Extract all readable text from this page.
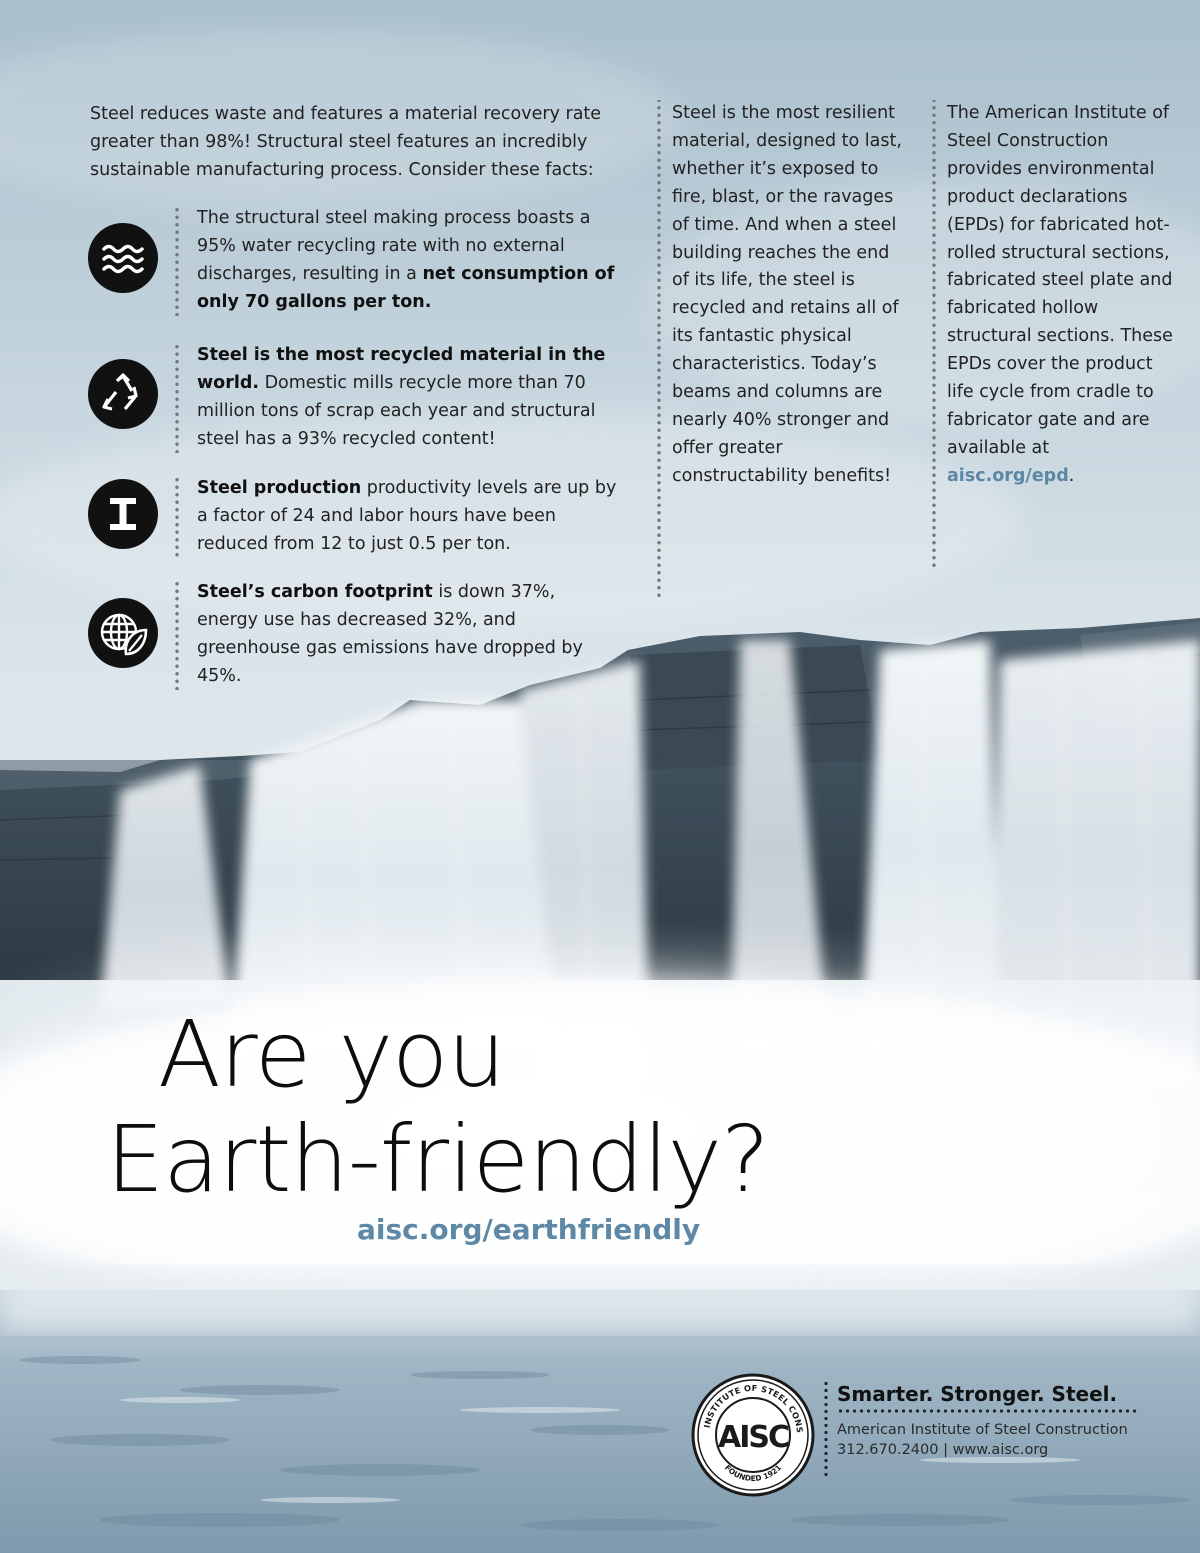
Steel reduces waste and features a material recovery rate greater than 98%! Structural steel features an incredibly sustainable manufacturing process. Consider these facts:
The structural steel making process boasts a 95% water recycling rate with no external discharges, resulting in a net consumption of only 70 gallons per ton.
Steel is the most recycled material in the world. Domestic mills recycle more than 70 million tons of scrap each year and structural steel has a 93% recycled content!
Steel production productivity levels are up by a factor of 24 and labor hours have been reduced from 12 to just 0.5 per ton.
Steel’s carbon footprint is down 37%, energy use has decreased 32%, and greenhouse gas emissions have dropped by 45%.
Steel is the most resilient material, designed to last, whether it’s exposed to fire, blast, or the ravages of time. And when a steel building reaches the end of its life, the steel is recycled and retains all of its fantastic physical characteristics. Today’s beams and columns are nearly 40% stronger and offer greater constructability benefits!
The American Institute of Steel Construction provides environmental product declarations (EPDs) for fabricated hot-rolled structural sections, fabricated steel plate and fabricated hollow structural sections. These EPDs cover the product life cycle from cradle to fabricator gate and are available at aisc.org/epd.
Are you
Earth-friendly?
aisc.org/earthfriendly
INSTITUTE OF STEEL CONS
FOUNDED 1921
AISC
Smarter. Stronger. Steel.
American Institute of Steel Construction
312.670.2400 | www.aisc.org
